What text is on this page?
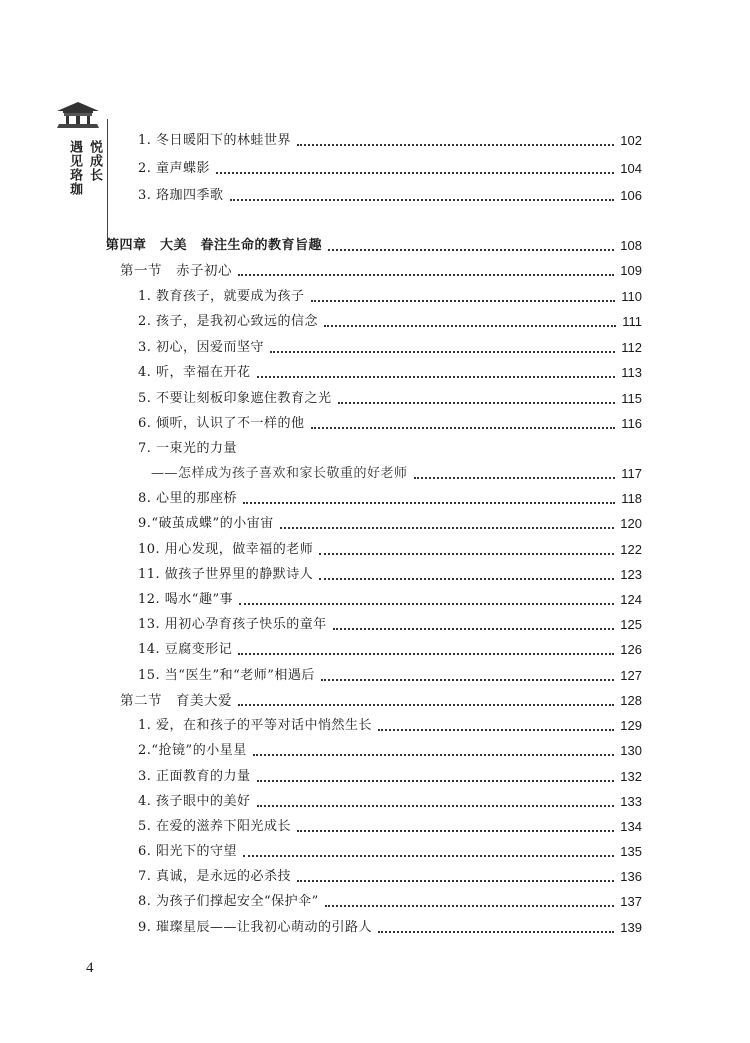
遇见珞珈 悦成长	1. 冬日暖阳下的林蛙世界	102
2. 童声蝶影	104
3. 珞珈四季歌	106
第四章　大美　眷注生命的教育旨趣	108
第一节　赤子初心	109
1. 教育孩子，就要成为孩子	110
2. 孩子，是我初心致远的信念	111
3. 初心，因爱而坚守	112
4. 听，幸福在开花	113
5. 不要让刻板印象遮住教育之光	115
6. 倾听，认识了不一样的他	116
7. 一束光的力量
——怎样成为孩子喜欢和家长敬重的好老师	117
8. 心里的那座桥	118
9.“破茧成蝶”的小宙宙	120
10. 用心发现，做幸福的老师	122
11. 做孩子世界里的静默诗人	123
12. 喝水“趣”事	124
13. 用初心孕育孩子快乐的童年	125
14. 豆腐变形记	126
15. 当“医生”和“老师”相遇后	127
第二节　育美大爱	128
1. 爱，在和孩子的平等对话中悄然生长	129
2.“抢镜”的小星星	130
3. 正面教育的力量	132
4. 孩子眼中的美好	133
5. 在爱的滋养下阳光成长	134
6. 阳光下的守望	135
7. 真诚，是永远的必杀技	136
8. 为孩子们撑起安全“保护伞”	137
9. 璀璨星辰——让我初心萌动的引路人	139
4
